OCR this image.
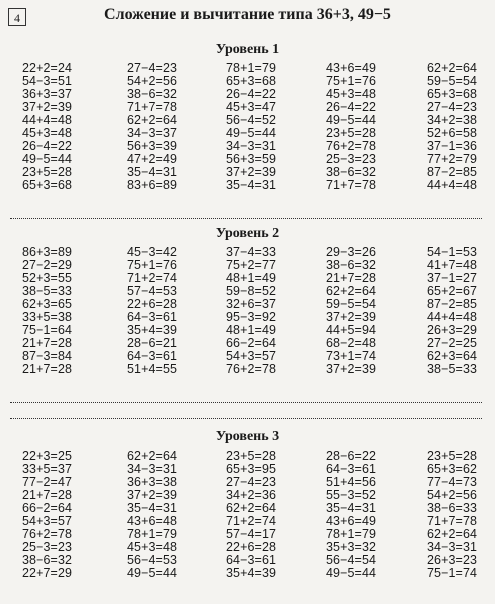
4	Сложение и вычитание типа 36+3, 49−5
Уровень 1
22+2=24
54−3=51
36+3=37
37+2=39
44+4=48
45+3=48
26−4=22
49−5=44
23+5=28
65+3=68
27−4=23
54+2=56
38−6=32
71+7=78
62+2=64
34−3=37
56+3=39
47+2=49
35−4=31
83+6=89
78+1=79
65+3=68
26−4=22
45+3=47
56−4=52
49−5=44
34−3=31
56+3=59
37+2=39
35−4=31
43+6=49
75+1=76
45+3=48
26−4=22
49−5=44
23+5=28
76+2=78
25−3=23
38−6=32
71+7=78
62+2=64
59−5=54
65+3=68
27−4=23
34+2=38
52+6=58
37−1=36
77+2=79
87−2=85
44+4=48
Уровень 2
86+3=89
27−2=29
52+3=55
38−5=33
62+3=65
33+5=38
75−1=64
21+7=28
87−3=84
21+7=28
45−3=42
75+1=76
71+2=74
57−4=53
22+6=28
64−3=61
35+4=39
28−6=21
64−3=61
51+4=55
37−4=33
75+2=77
48+1=49
59−8=52
32+6=37
95−3=92
48+1=49
66−2=64
54+3=57
76+2=78
29−3=26
38−6=32
21+7=28
62+2=64
59−5=54
37+2=39
44+5=94
68−2=48
73+1=74
37+2=39
54−1=53
41+7=48
37−1=27
65+2=67
87−2=85
44+4=48
26+3=29
27−2=25
62+3=64
38−5=33
Уровень 3
22+3=25
33+5=37
77−2=47
21+7=28
66−2=64
54+3=57
76+2=78
25−3=23
38−6=32
22+7=29
62+2=64
34−3=31
36+3=38
37+2=39
35−4=31
43+6=48
78+1=79
45+3=48
56−4=53
49−5=44
23+5=28
65+3=95
27−4=23
34+2=36
62+2=64
71+2=74
57−4=17
22+6=28
64−3=61
35+4=39
28−6=22
64−3=61
51+4=56
55−3=52
35−4=31
43+6=49
78+1=79
35+3=32
56−4=54
49−5=44
23+5=28
65+3=62
77−4=73
54+2=56
38−6=33
71+7=78
62+2=64
34−3=31
26+3=23
75−1=74
